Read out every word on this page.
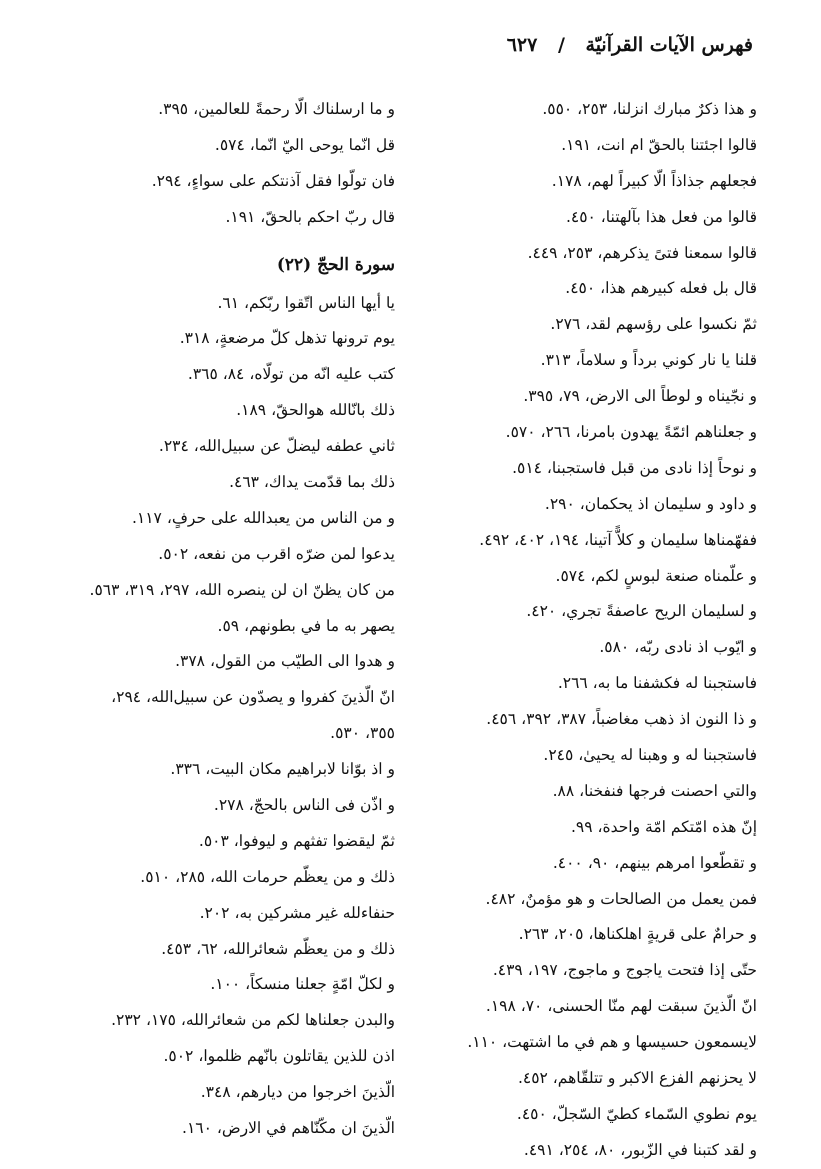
فهرس الآيات القرآنيّة / ٦٢٧
و هذا ذكرٌ مبارك انزلنا، ٢٥٣، ٥٥٠.
قالوا اجئتنا بالحقّ ام انت، ١٩١.
فجعلهم جذاذاً الّا كبيراً لهم، ١٧٨.
قالوا من فعل هذا بآلهتنا، ٤٥٠.
قالوا سمعنا فتىً يذكرهم، ٢٥٣، ٤٤٩.
قال بل فعله كبيرهم هذا، ٤٥٠.
ثمّ نكسوا على رؤسهم لقد، ٢٧٦.
قلنا يا نار كوني برداً و سلاماً، ٣١٣.
و نجّيناه و لوطاً الى الارض، ٧٩، ٣٩٥.
و جعلناهم ائمّةً يهدون بامرنا، ٢٦٦، ٥٧٠.
و نوحاً إذا نادى من قبل فاستجبنا، ٥١٤.
و داود و سليمان اذ يحكمان، ٢٩٠.
ففهّمناها سليمان و كلاًّ آتينا، ١٩٤، ٤٠٢، ٤٩٢.
و علّمناه صنعة لبوسٍ لكم، ٥٧٤.
و لسليمان الريح عاصفةً تجري، ٤٢٠.
و ايّوب اذ نادى ربّه، ٥٨٠.
فاستجبنا له فكشفنا ما به، ٢٦٦.
و ذا النون اذ ذهب مغاضباً، ٣٨٧، ٣٩٢، ٤٥٦.
فاستجبنا له و وهبنا له يحيىٰ، ٢٤٥.
والتي احصنت فرجها فنفخنا، ٨٨.
إنّ هذه امّتكم امّة واحدة، ٩٩.
و تقطّعوا امرهم بينهم، ٩٠، ٤٠٠.
فمن يعمل من الصالحات و هو مؤمنٌ، ٤٨٢.
و حرامٌ على قريةٍ اهلكناها، ٢٠٥، ٢٦٣.
حتّى إذا فتحت ياجوج و ماجوج، ١٩٧، ٤٣٩.
انّ الّذينَ سبقت لهم منّا الحسنى، ٧٠، ١٩٨.
لايسمعون حسيسها و هم في ما اشتهت، ١١٠.
لا يحزنهم الفزع الاكبر و تتلقّاهم، ٤٥٢.
يوم نطوي السّماء كطيّ السّجلّ، ٤٥٠.
و لقد كتبنا في الزّبور، ٨٠، ٢٥٤، ٤٩١.
و ما ارسلناك الّا رحمةً للعالمين، ٣٩٥.
قل انّما يوحى اليّ انّما، ٥٧٤.
فان تولّوا فقل آذنتكم على سواءٍ، ٢٩٤.
قال ربّ احكم بالحقّ، ١٩١.
سورة الحجّ (٢٢)
يا أيها الناس اتّقوا ربّكم، ٦١.
يوم ترونها تذهل كلّ مرضعةٍ، ٣١٨.
كتب عليه انّه من تولّاه، ٨٤، ٣٦٥.
ذلك بانّالله هوالحقّ، ١٨٩.
ثاني عطفه ليضلّ عن سبيل‌الله، ٢٣٤.
ذلك بما قدّمت يداك، ٤٦٣.
و من الناس من يعبدالله على حرفٍ، ١١٧.
يدعوا لمن ضرّه اقرب من نفعه، ٥٠٢.
من كان يظنّ ان لن ينصره الله، ٢٩٧، ٣١٩، ٥٦٣.
يصهر به ما في بطونهم، ٥٩.
و هدوا الى الطيّب من القول، ٣٧٨.
انّ الّذينَ كفروا و يصدّون عن سبيل‌الله، ٢٩٤،
٣٥٥، ٥٣٠.
و اذ بوّانا لابراهيم مكان البيت، ٣٣٦.
و اذّن فى الناس بالحجّ، ٢٧٨.
ثمّ ليقضوا تفثهم و ليوفوا، ٥٠٣.
ذلك و من يعظّم حرمات الله، ٢٨٥، ٥١٠.
حنفاءلله غير مشركين به، ٢٠٢.
ذلك و من يعظّم شعائرالله، ٦٢، ٤٥٣.
و لكلّ امّةٍ جعلنا منسكاً، ١٠٠.
والبدن جعلناها لكم من شعائرالله، ١٧٥، ٢٣٢.
اذن للذين يقاتلون بانّهم ظلموا، ٥٠٢.
الّذينَ اخرجوا من ديارهم، ٣٤٨.
الّذينَ ان مكّنّاهم في الارض، ١٦٠.
